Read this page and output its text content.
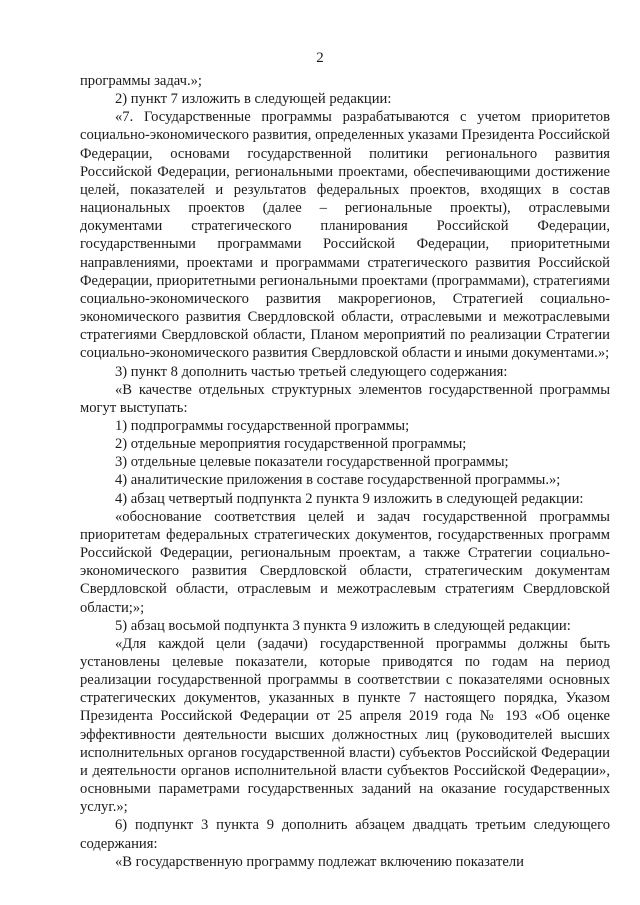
2

программы задач.»;

2) пункт 7 изложить в следующей редакции:

«7. Государственные программы разрабатываются с учетом приоритетов социально-экономического развития, определенных указами Президента Российской Федерации, основами государственной политики регионального развития Российской Федерации, региональными проектами, обеспечивающими достижение целей, показателей и результатов федеральных проектов, входящих в состав национальных проектов (далее – региональные проекты), отраслевыми документами стратегического планирования Российской Федерации, государственными программами Российской Федерации, приоритетными направлениями, проектами и программами стратегического развития Российской Федерации, приоритетными региональными проектами (программами), стратегиями социально-экономического развития макрорегионов, Стратегией социально-экономического развития Свердловской области, отраслевыми и межотраслевыми стратегиями Свердловской области, Планом мероприятий по реализации Стратегии социально-экономического развития Свердловской области и иными документами.»;

3) пункт 8 дополнить частью третьей следующего содержания:

«В качестве отдельных структурных элементов государственной программы могут выступать:

1) подпрограммы государственной программы;

2) отдельные мероприятия государственной программы;

3) отдельные целевые показатели государственной программы;

4) аналитические приложения в составе государственной программы.»;

4) абзац четвертый подпункта 2 пункта 9 изложить в следующей редакции:

«обоснование соответствия целей и задач государственной программы приоритетам федеральных стратегических документов, государственных программ Российской Федерации, региональным проектам, а также Стратегии социально-экономического развития Свердловской области, стратегическим документам Свердловской области, отраслевым и межотраслевым стратегиям Свердловской области;»;

5) абзац восьмой подпункта 3 пункта 9 изложить в следующей редакции:

«Для каждой цели (задачи) государственной программы должны быть установлены целевые показатели, которые приводятся по годам на период реализации государственной программы в соответствии с показателями основных стратегических документов, указанных в пункте 7 настоящего порядка, Указом Президента Российской Федерации от 25 апреля 2019 года № 193 «Об оценке эффективности деятельности высших должностных лиц (руководителей высших исполнительных органов государственной власти) субъектов Российской Федерации и деятельности органов исполнительной власти субъектов Российской Федерации», основными параметрами государственных заданий на оказание государственных услуг.»;

6) подпункт 3 пункта 9 дополнить абзацем двадцать третьим следующего содержания:

«В государственную программу подлежат включению показатели
